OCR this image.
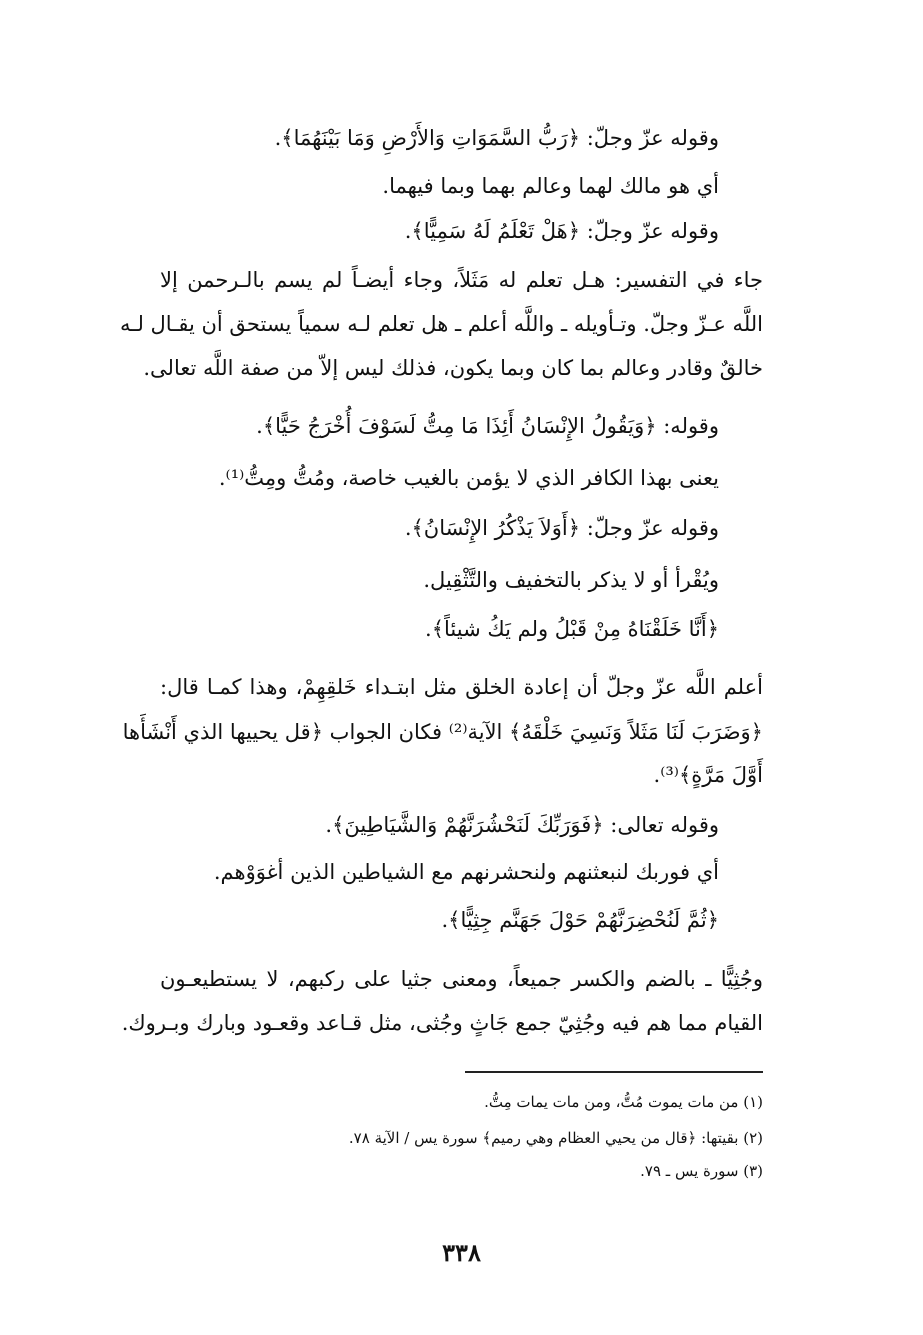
وقوله عزّ وجلّ: ﴿رَبُّ السَّمَوَاتِ وَالأَرْضِ وَمَا بَيْنَهُمَا﴾.
أي هو مالك لهما وعالم بهما وبما فيهما.
وقوله عزّ وجلّ: ﴿هَلْ تَعْلَمُ لَهُ سَمِيًّا﴾.
جاء في التفسير: هـل تعلم له مَثَلاً، وجاء أيضـاً لم يسم بالـرحمن إلا
اللَّه عـزّ وجلّ. وتـأويله ـ واللَّه أعلم ـ هل تعلم لـه سمياً يستحق أن يقـال لـه
خالقٌ وقادر وعالم بما كان وبما يكون، فذلك ليس إلاّ من صفة اللَّه تعالى.
وقوله: ﴿وَيَقُولُ الإِنْسَانُ أَئِذَا مَا مِتُّ لَسَوْفَ أُخْرَجُ حَيًّا﴾.
يعنى بهذا الكافر الذي لا يؤمن بالغيب خاصة، ومُتُّ ومِتُّ⁽¹⁾.
وقوله عزّ وجلّ: ﴿أَوَلاَ يَذْكُرُ الإِنْسَانُ﴾.
ويُقْرأ أو لا يذكر بالتخفيف والتَّثْقِيل.
﴿أَنَّا خَلَقْنَاهُ مِنْ قَبْلُ ولم يَكُ شيئاً﴾.
أعلم اللَّه عزّ وجلّ أن إعادة الخلق مثل ابتـداء خَلقِهِمْ، وهذا كمـا قال:
﴿وَضَرَبَ لَنَا مَثَلاً وَنَسِيَ خَلْقَهُ﴾ الآية⁽²⁾ فكان الجواب ﴿قل يحييها الذي أَنْشَأَها
أَوَّلَ مَرَّةٍ﴾⁽³⁾.
وقوله تعالى: ﴿فَوَرَبِّكَ لَنَحْشُرَنَّهُمْ وَالشَّيَاطِينَ﴾.
أي فوربك لنبعثنهم ولنحشرنهم مع الشياطين الذين أغوَوْهم.
﴿ثُمَّ لَنُحْضِرَنَّهُمْ حَوْلَ جَهَنَّم جِثِيًّا﴾.
وجُثِيًّا ـ بالضم والكسر جميعاً، ومعنى جثيا على ركبهم، لا يستطيعـون
القيام مما هم فيه وجُثِيّ جمع جَاثٍ وجُثى، مثل قـاعد وقعـود وبارك وبـروك.
(١) من مات يموت مُتُّ، ومن مات يمات مِتُّ.
(٢) بقيتها: ﴿قال من يحيي العظام وهي رميم﴾ سورة يس / الآية ٧٨.
(٣) سورة يس ـ ٧٩.
٣٣٨
